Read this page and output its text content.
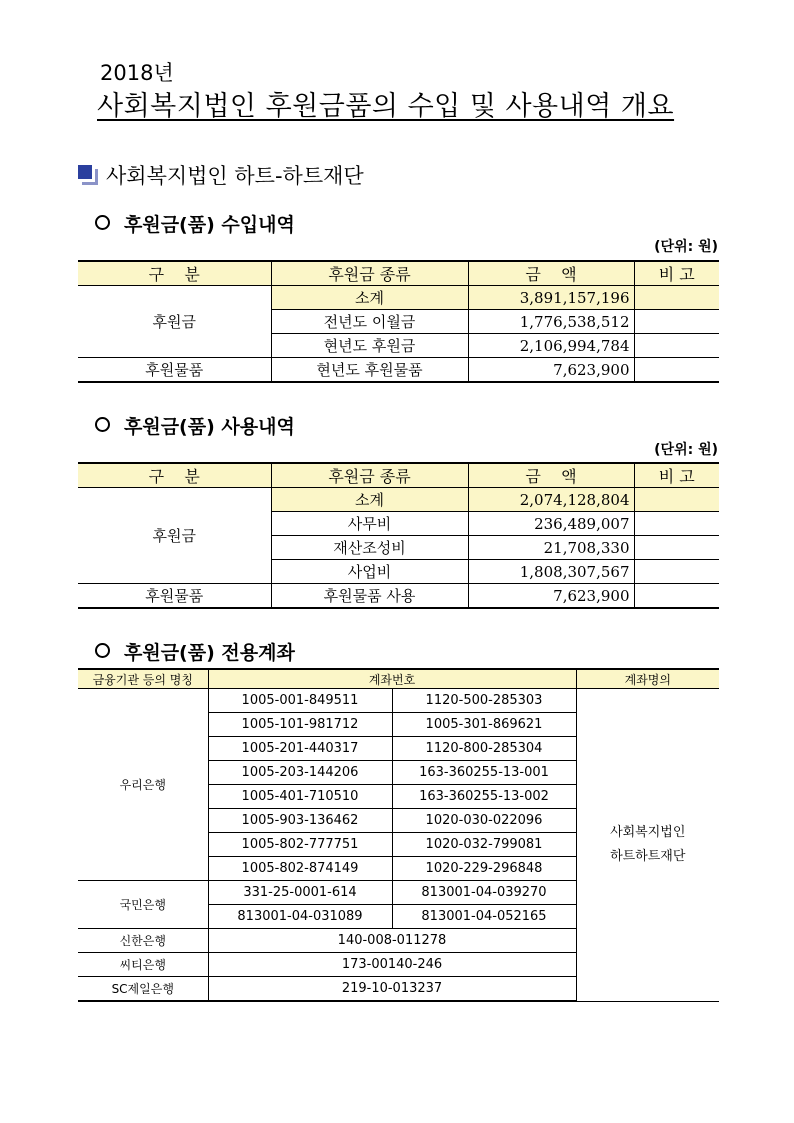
2018년
사회복지법인 후원금품의 수입 및 사용내역 개요
사회복지법인 하트-하트재단
후원금(품) 수입내역
(단위: 원)
구    분	후원금 종류	금    액	비 고
후원금	소계	3,891,157,196	
	전년도 이월금	1,776,538,512	
	현년도 후원금	2,106,994,784	
후원물품	현년도 후원물품	7,623,900	
후원금(품) 사용내역
(단위: 원)
구    분	후원금 종류	금    액	비 고
후원금	소계	2,074,128,804	
	사무비	236,489,007	
	재산조성비	21,708,330	
	사업비	1,808,307,567	
후원물품	후원물품 사용	7,623,900	
후원금(품) 전용계좌
금융기관 등의 명칭	계좌번호		계좌명의
우리은행	1005-001-849511	1120-500-285303	사회복지법인
하트하트재단

	1005-101-981712	1005-301-869621	
	1005-201-440317	1120-800-285304	
	1005-203-144206	163-360255-13-001	
	1005-401-710510	163-360255-13-002	
	1005-903-136462	1020-030-022096	
	1005-802-777751	1020-032-799081	
	1005-802-874149	1020-229-296848	
국민은행	331-25-0001-614	813001-04-039270	
	813001-04-031089	813001-04-052165	
신한은행	140-008-011278		
씨티은행	173-00140-246		
SC제일은행	219-10-013237		
